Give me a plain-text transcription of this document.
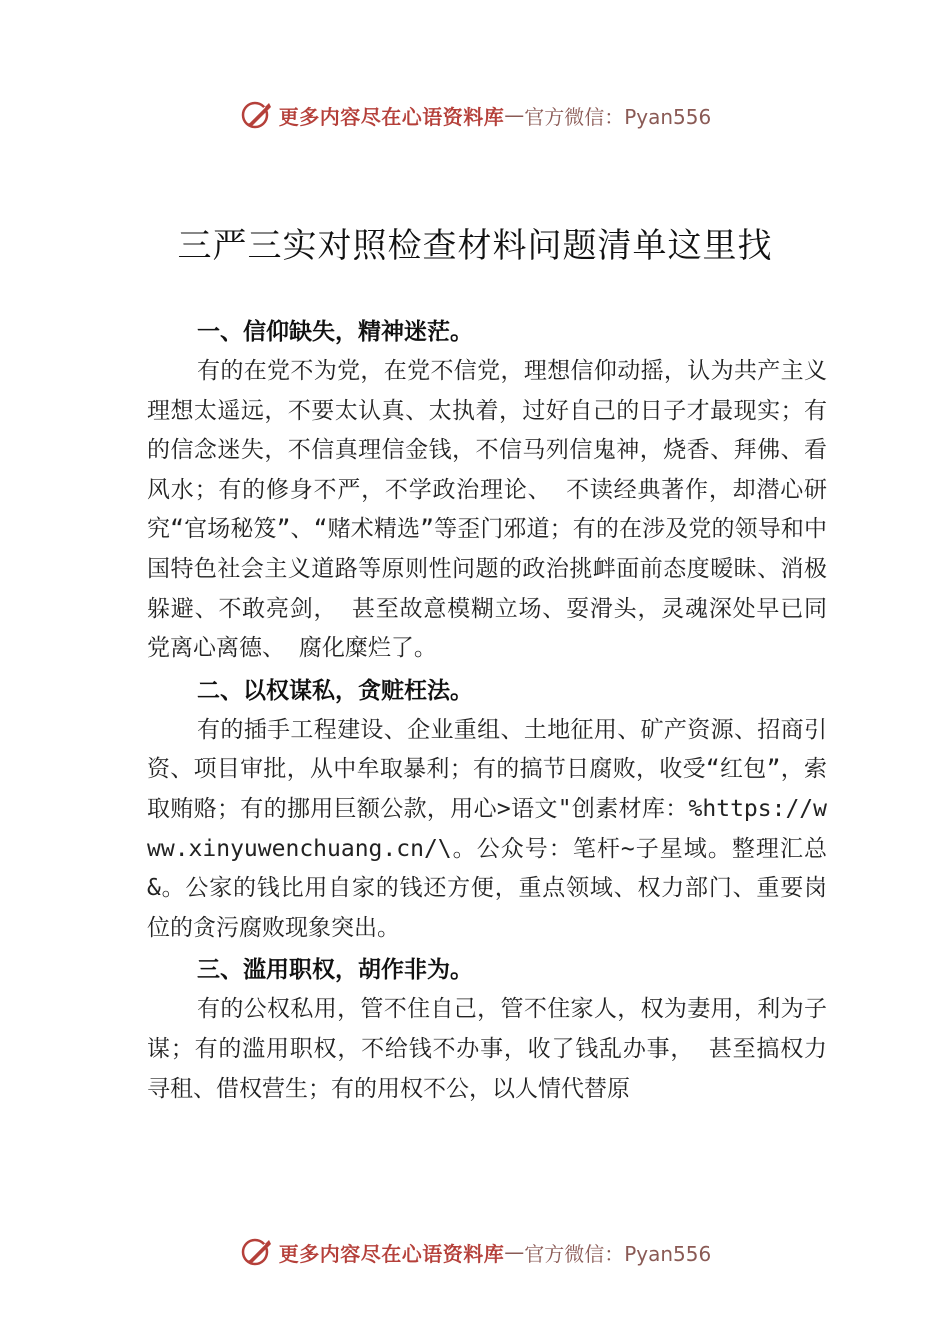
更多内容尽在心语资料库 — 官方微信：Pyan556
三严三实对照检查材料问题清单这里找

一、信仰缺失，精神迷茫。

有的在党不为党，在党不信党，理想信仰动摇，认为共产主义理想太遥远，不要太认真、太执着，过好自己的日子才最现实；有的信念迷失，不信真理信金钱，不信马列信鬼神，烧香、拜佛、看风水；有的修身不严，不学政治理论、 不读经典著作，却潜心研究“官场秘笈”、“赌术精选”等歪门邪道；有的在涉及党的领导和中国特色社会主义道路等原则性问题的政治挑衅面前态度暧昧、消极躲避、不敢亮剑， 甚至故意模糊立场、耍滑头，灵魂深处早已同党离心离德、 腐化糜烂了。

二、以权谋私，贪赃枉法。

有的插手工程建设、企业重组、土地征用、矿产资源、招商引资、项目审批，从中牟取暴利；有的搞节日腐败，收受“红包”，索取贿赂；有的挪用巨额公款，用心>语文"创素材库：%https://www.xinyuwenchuang.cn/\。公众号：笔杆~子星域。整理汇总&。公家的钱比用自家的钱还方便，重点领域、权力部门、重要岗位的贪污腐败现象突出。

三、滥用职权，胡作非为。

有的公权私用，管不住自己，管不住家人，权为妻用，利为子谋；有的滥用职权，不给钱不办事，收了钱乱办事， 甚至搞权力寻租、借权营生；有的用权不公，以人情代替原

更多内容尽在心语资料库 — 官方微信：Pyan556
